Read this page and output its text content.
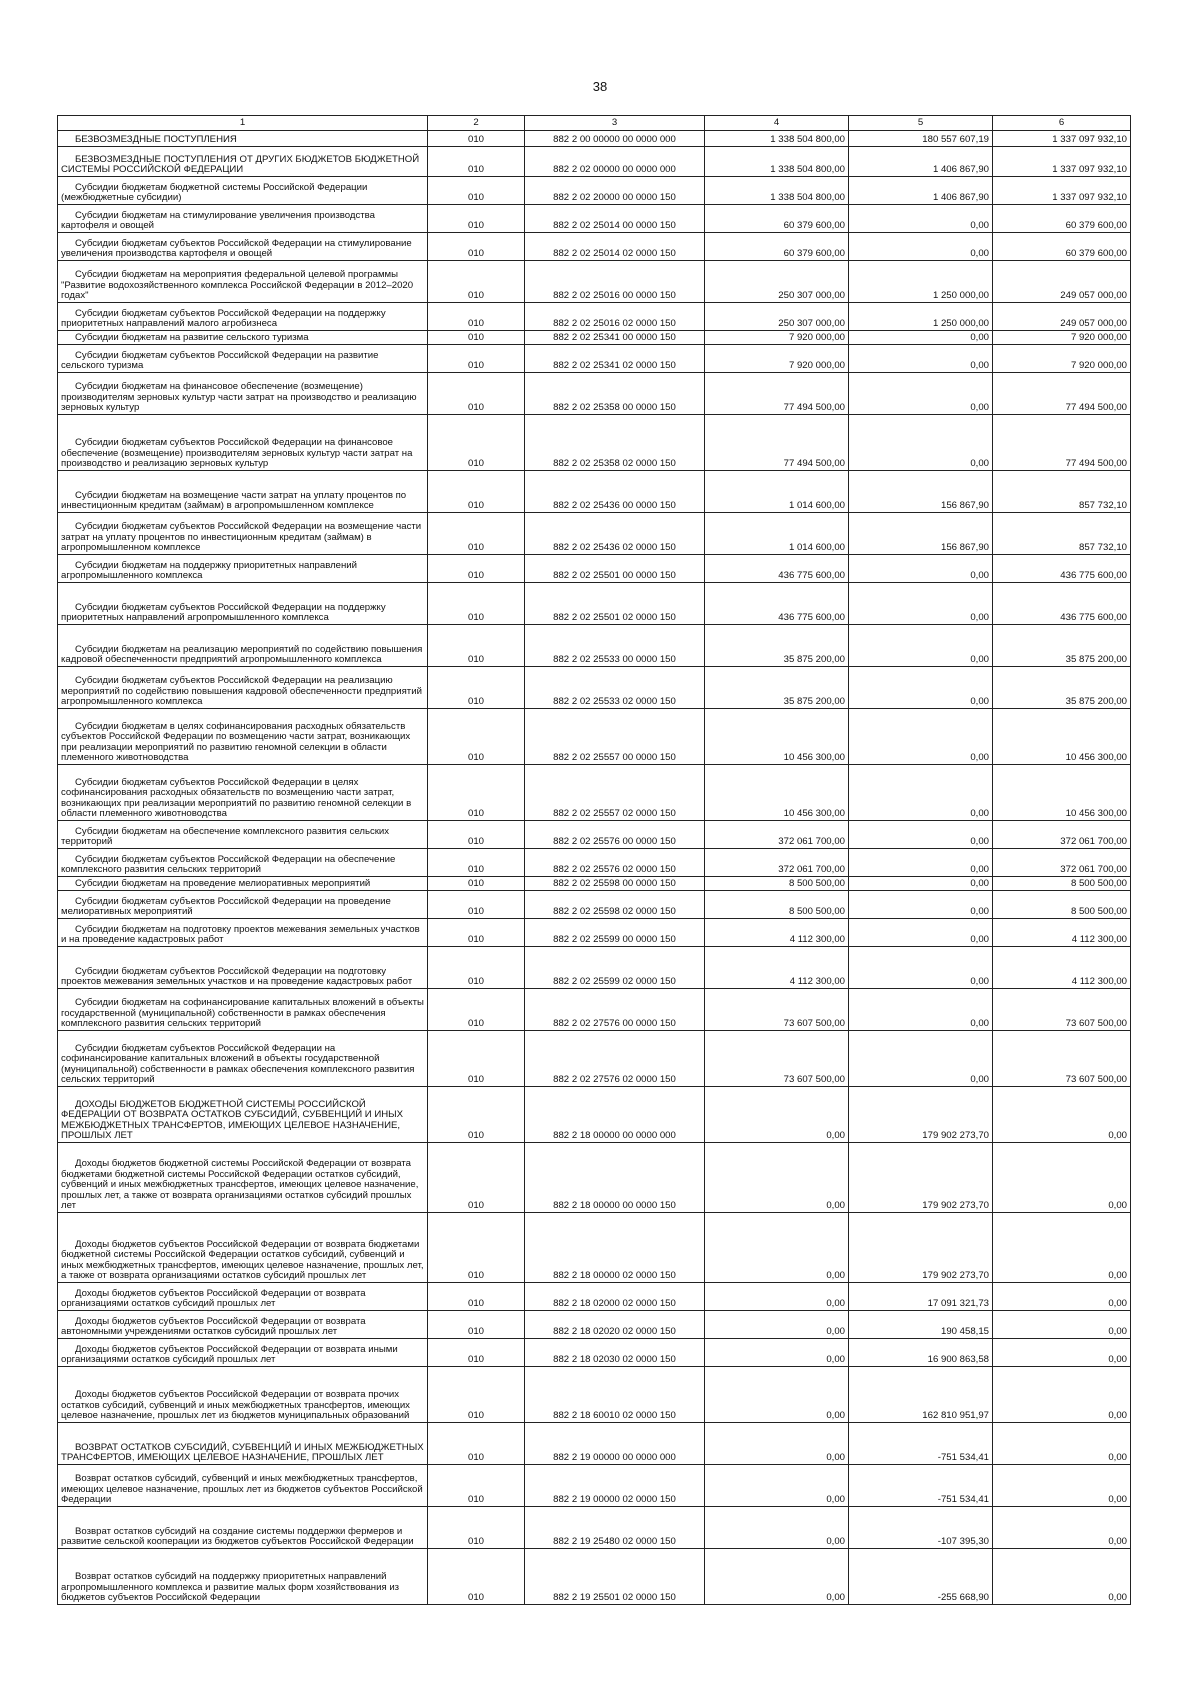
38
1	2	3	4	5	6

БЕЗВОЗМЕЗДНЫЕ ПОСТУПЛЕНИЯ	010	882 2 00 00000 00 0000 000	1 338 504 800,00	180 557 607,19	1 337 097 932,10

БЕЗВОЗМЕЗДНЫЕ ПОСТУПЛЕНИЯ ОТ ДРУГИХ БЮДЖЕТОВ БЮДЖЕТНОЙ СИСТЕМЫ РОССИЙСКОЙ ФЕДЕРАЦИИ	010	882 2 02 00000 00 0000 000	1 338 504 800,00	1 406 867,90	1 337 097 932,10

Субсидии бюджетам бюджетной системы Российской Федерации (межбюджетные субсидии)	010	882 2 02 20000 00 0000 150	1 338 504 800,00	1 406 867,90	1 337 097 932,10

Субсидии бюджетам на стимулирование увеличения производства картофеля и овощей	010	882 2 02 25014 00 0000 150	60 379 600,00	0,00	60 379 600,00

Субсидии бюджетам субъектов Российской Федерации на стимулирование увеличения производства картофеля и овощей	010	882 2 02 25014 02 0000 150	60 379 600,00	0,00	60 379 600,00

Субсидии бюджетам на мероприятия федеральной целевой программы "Развитие водохозяйственного комплекса Российской Федерации в 2012–2020 годах"	010	882 2 02 25016 00 0000 150	250 307 000,00	1 250 000,00	249 057 000,00

Субсидии бюджетам субъектов Российской Федерации на поддержку приоритетных направлений малого агробизнеса	010	882 2 02 25016 02 0000 150	250 307 000,00	1 250 000,00	249 057 000,00

Субсидии бюджетам на развитие сельского туризма	010	882 2 02 25341 00 0000 150	7 920 000,00	0,00	7 920 000,00

Субсидии бюджетам субъектов Российской Федерации на развитие сельского туризма	010	882 2 02 25341 02 0000 150	7 920 000,00	0,00	7 920 000,00

Субсидии бюджетам на финансовое обеспечение (возмещение) производителям зерновых культур части затрат на производство и реализацию зерновых культур	010	882 2 02 25358 00 0000 150	77 494 500,00	0,00	77 494 500,00

Субсидии бюджетам субъектов Российской Федерации на финансовое обеспечение (возмещение) производителям зерновых культур части затрат на производство и реализацию зерновых культур	010	882 2 02 25358 02 0000 150	77 494 500,00	0,00	77 494 500,00

Субсидии бюджетам на возмещение части затрат на уплату процентов по инвестиционным кредитам (займам) в агропромышленном комплексе	010	882 2 02 25436 00 0000 150	1 014 600,00	156 867,90	857 732,10

Субсидии бюджетам субъектов Российской Федерации на возмещение части затрат на уплату процентов по инвестиционным кредитам (займам) в агропромышленном комплексе	010	882 2 02 25436 02 0000 150	1 014 600,00	156 867,90	857 732,10

Субсидии бюджетам на поддержку приоритетных направлений агропромышленного комплекса	010	882 2 02 25501 00 0000 150	436 775 600,00	0,00	436 775 600,00

Субсидии бюджетам субъектов Российской Федерации на поддержку приоритетных направлений агропромышленного комплекса	010	882 2 02 25501 02 0000 150	436 775 600,00	0,00	436 775 600,00

Субсидии бюджетам на реализацию мероприятий по содействию повышения кадровой обеспеченности предприятий агропромышленного комплекса	010	882 2 02 25533 00 0000 150	35 875 200,00	0,00	35 875 200,00

Субсидии бюджетам субъектов Российской Федерации на реализацию мероприятий по содействию повышения кадровой обеспеченности предприятий агропромышленного комплекса	010	882 2 02 25533 02 0000 150	35 875 200,00	0,00	35 875 200,00

Субсидии бюджетам в целях софинансирования расходных обязательств субъектов Российской Федерации по возмещению части затрат, возникающих при реализации мероприятий по развитию геномной селекции в области племенного животноводства	010	882 2 02 25557 00 0000 150	10 456 300,00	0,00	10 456 300,00

Субсидии бюджетам субъектов Российской Федерации в целях софинансирования расходных обязательств по возмещению части затрат, возникающих при реализации мероприятий по развитию геномной селекции в области племенного животноводства	010	882 2 02 25557 02 0000 150	10 456 300,00	0,00	10 456 300,00

Субсидии бюджетам на обеспечение комплексного развития сельских территорий	010	882 2 02 25576 00 0000 150	372 061 700,00	0,00	372 061 700,00

Субсидии бюджетам субъектов Российской Федерации на обеспечение комплексного развития сельских территорий	010	882 2 02 25576 02 0000 150	372 061 700,00	0,00	372 061 700,00

Субсидии бюджетам на проведение мелиоративных мероприятий	010	882 2 02 25598 00 0000 150	8 500 500,00	0,00	8 500 500,00

Субсидии бюджетам субъектов Российской Федерации на проведение мелиоративных мероприятий	010	882 2 02 25598 02 0000 150	8 500 500,00	0,00	8 500 500,00

Субсидии бюджетам на подготовку проектов межевания земельных участков и на проведение кадастровых работ	010	882 2 02 25599 00 0000 150	4 112 300,00	0,00	4 112 300,00

Субсидии бюджетам субъектов Российской Федерации на подготовку проектов межевания земельных участков и на проведение кадастровых работ	010	882 2 02 25599 02 0000 150	4 112 300,00	0,00	4 112 300,00

Субсидии бюджетам на софинансирование капитальных вложений в объекты государственной (муниципальной) собственности в рамках обеспечения комплексного развития сельских территорий	010	882 2 02 27576 00 0000 150	73 607 500,00	0,00	73 607 500,00

Субсидии бюджетам субъектов Российской Федерации на софинансирование капитальных вложений в объекты государственной (муниципальной) собственности в рамках обеспечения комплексного развития сельских территорий	010	882 2 02 27576 02 0000 150	73 607 500,00	0,00	73 607 500,00

ДОХОДЫ БЮДЖЕТОВ БЮДЖЕТНОЙ СИСТЕМЫ РОССИЙСКОЙ ФЕДЕРАЦИИ ОТ ВОЗВРАТА ОСТАТКОВ СУБСИДИЙ, СУБВЕНЦИЙ И ИНЫХ МЕЖБЮДЖЕТНЫХ ТРАНСФЕРТОВ, ИМЕЮЩИХ ЦЕЛЕВОЕ НАЗНАЧЕНИЕ, ПРОШЛЫХ ЛЕТ	010	882 2 18 00000 00 0000 000	0,00	179 902 273,70	0,00

Доходы бюджетов бюджетной системы Российской Федерации от возврата бюджетами бюджетной системы Российской Федерации остатков субсидий, субвенций и иных межбюджетных трансфертов, имеющих целевое назначение, прошлых лет, а также от возврата организациями остатков субсидий прошлых лет	010	882 2 18 00000 00 0000 150	0,00	179 902 273,70	0,00

Доходы бюджетов субъектов Российской Федерации от возврата бюджетами бюджетной системы Российской Федерации остатков субсидий, субвенций и иных межбюджетных трансфертов, имеющих целевое назначение, прошлых лет, а также от возврата организациями остатков субсидий прошлых лет	010	882 2 18 00000 02 0000 150	0,00	179 902 273,70	0,00

Доходы бюджетов субъектов Российской Федерации от возврата организациями остатков субсидий прошлых лет	010	882 2 18 02000 02 0000 150	0,00	17 091 321,73	0,00

Доходы бюджетов субъектов Российской Федерации от возврата автономными учреждениями остатков субсидий прошлых лет	010	882 2 18 02020 02 0000 150	0,00	190 458,15	0,00

Доходы бюджетов субъектов Российской Федерации от возврата иными организациями остатков субсидий прошлых лет	010	882 2 18 02030 02 0000 150	0,00	16 900 863,58	0,00

Доходы бюджетов субъектов Российской Федерации от возврата прочих остатков субсидий, субвенций и иных межбюджетных трансфертов, имеющих целевое назначение, прошлых лет из бюджетов муниципальных образований	010	882 2 18 60010 02 0000 150	0,00	162 810 951,97	0,00

ВОЗВРАТ ОСТАТКОВ СУБСИДИЙ, СУБВЕНЦИЙ И ИНЫХ МЕЖБЮДЖЕТНЫХ ТРАНСФЕРТОВ, ИМЕЮЩИХ ЦЕЛЕВОЕ НАЗНАЧЕНИЕ, ПРОШЛЫХ ЛЕТ	010	882 2 19 00000 00 0000 000	0,00	-751 534,41	0,00

Возврат остатков субсидий, субвенций и иных межбюджетных трансфертов, имеющих целевое назначение, прошлых лет из бюджетов субъектов Российской Федерации	010	882 2 19 00000 02 0000 150	0,00	-751 534,41	0,00

Возврат остатков субсидий на создание системы поддержки фермеров и развитие сельской кооперации из бюджетов субъектов Российской Федерации	010	882 2 19 25480 02 0000 150	0,00	-107 395,30	0,00

Возврат остатков субсидий на поддержку приоритетных направлений агропромышленного комплекса и развитие малых форм хозяйствования из бюджетов субъектов Российской Федерации	010	882 2 19 25501 02 0000 150	0,00	-255 668,90	0,00
